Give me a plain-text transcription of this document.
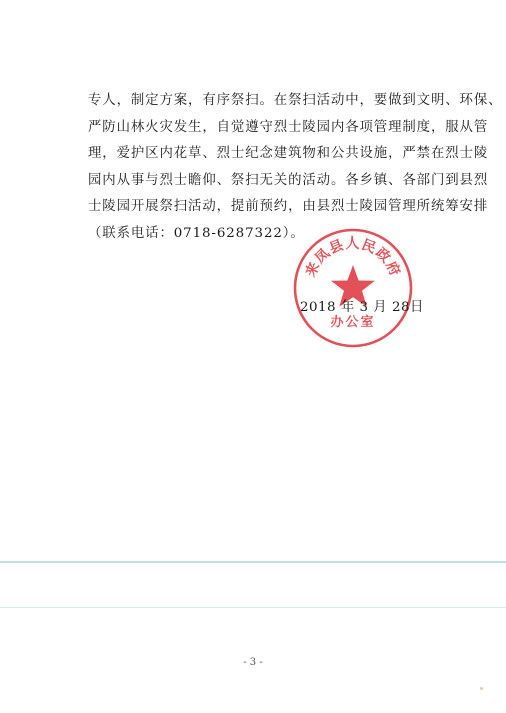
专人，制定方案，有序祭扫。在祭扫活动中，要做到文明、环保、
严防山林火灾发生，自觉遵守烈士陵园内各项管理制度，服从管
理，爱护区内花草、烈士纪念建筑物和公共设施，严禁在烈士陵
园内从事与烈士瞻仰、祭扫无关的活动。各乡镇、各部门到县烈
士陵园开展祭扫活动，提前预约，由县烈士陵园管理所统筹安排
（联系电话：0718-6287322）。
来凤县人民政府
办公室
2018 年 3 月 28日
- 3 -
